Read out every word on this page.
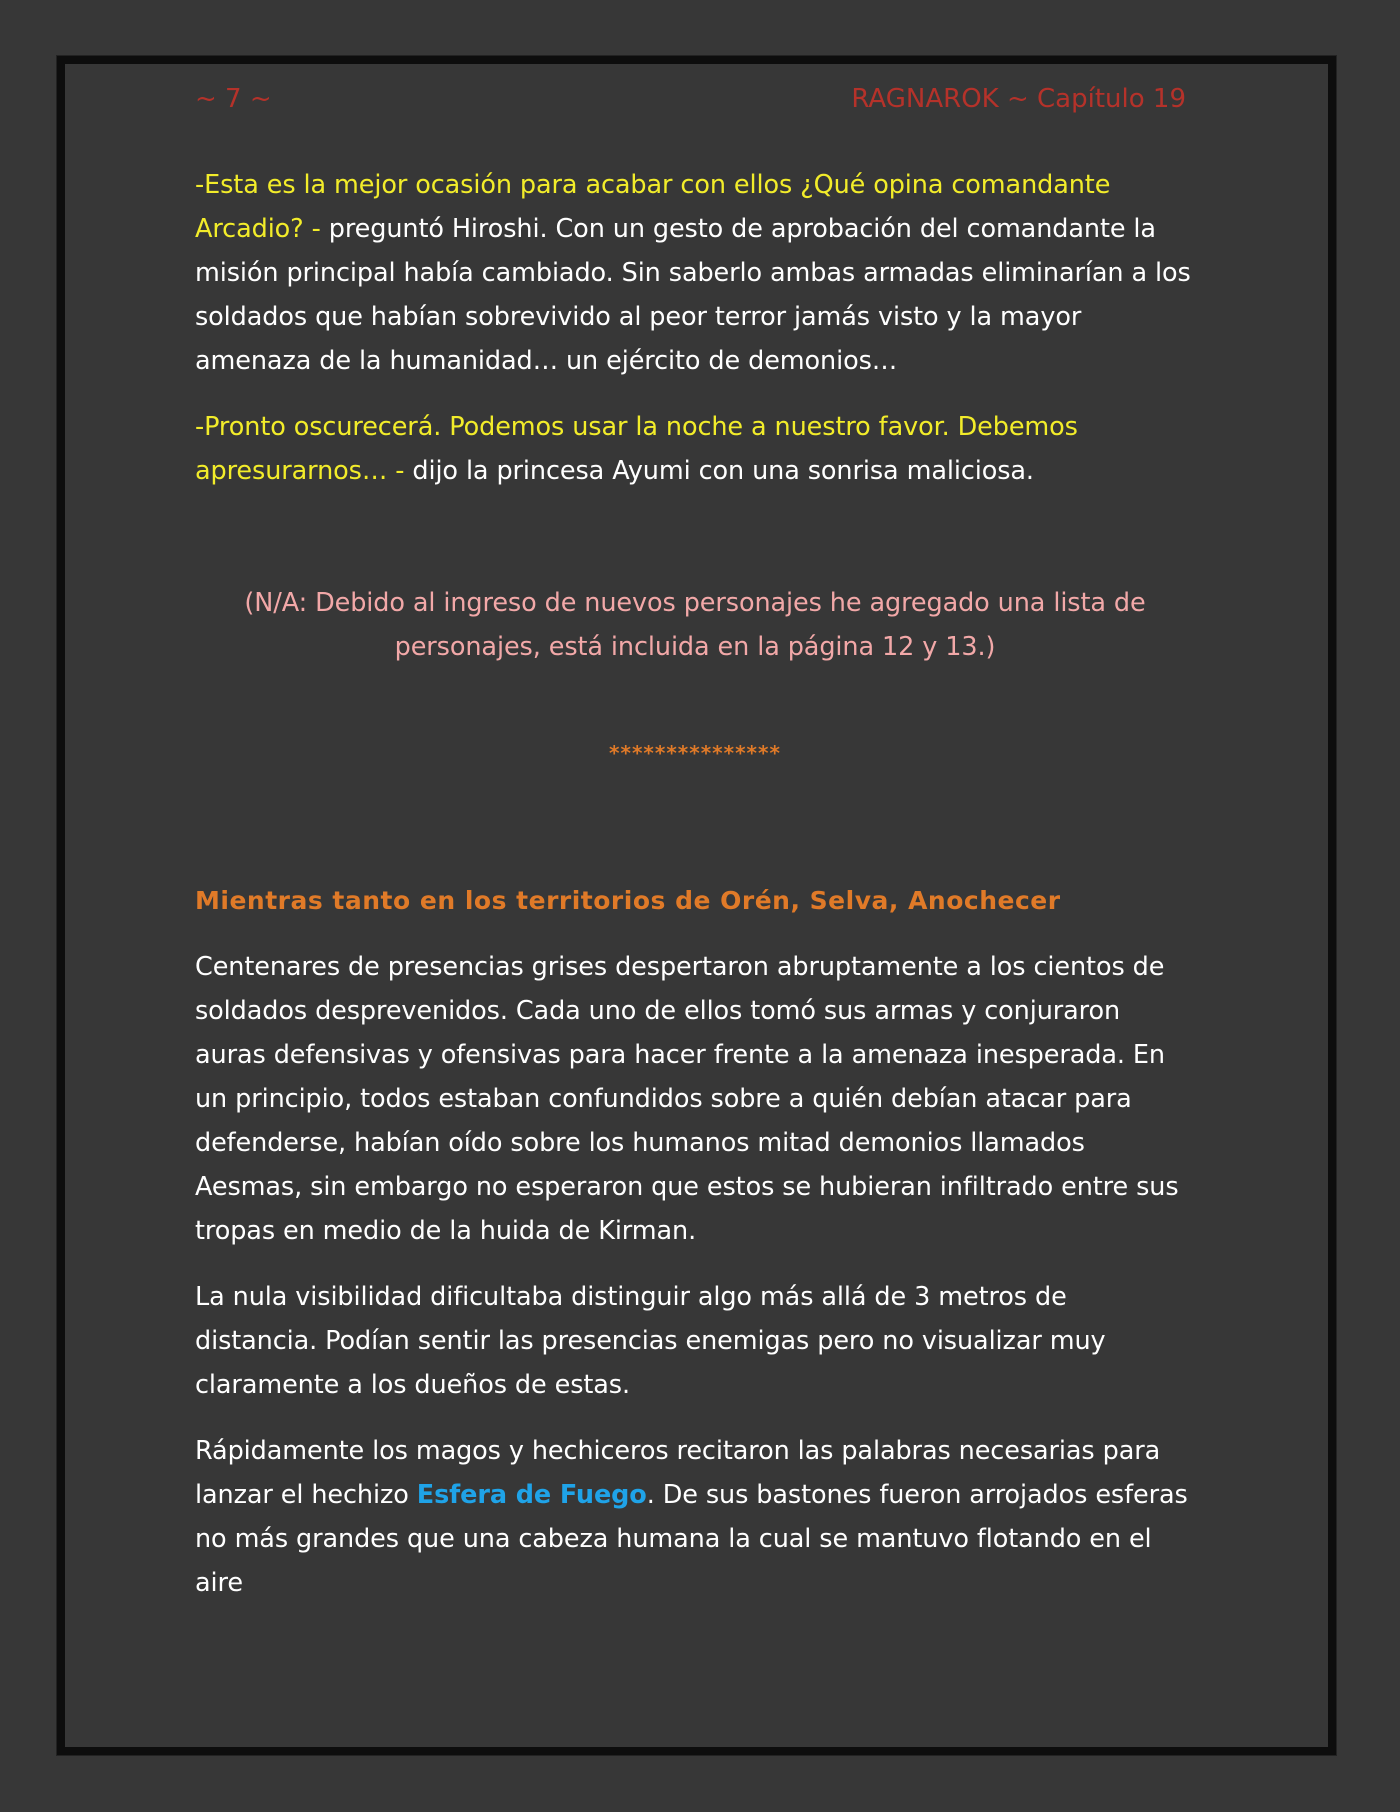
~ 7 ~	RAGNAROK ~ Capítulo 19

-Esta es la mejor ocasión para acabar con ellos ¿Qué opina comandante Arcadio? - preguntó Hiroshi. Con un gesto de aprobación del comandante la misión principal había cambiado. Sin saberlo ambas armadas eliminarían a los soldados que habían sobrevivido al peor terror jamás visto y la mayor amenaza de la humanidad… un ejército de demonios…

-Pronto oscurecerá. Podemos usar la noche a nuestro favor. Debemos apresurarnos… - dijo la princesa Ayumi con una sonrisa maliciosa.

(N/A: Debido al ingreso de nuevos personajes he agregado una lista de personajes, está incluida en la página 12 y 13.)

***************

Mientras tanto en los territorios de Orén, Selva, Anochecer

Centenares de presencias grises despertaron abruptamente a los cientos de soldados desprevenidos. Cada uno de ellos tomó sus armas y conjuraron auras defensivas y ofensivas para hacer frente a la amenaza inesperada. En un principio, todos estaban confundidos sobre a quién debían atacar para defenderse, habían oído sobre los humanos mitad demonios llamados Aesmas, sin embargo no esperaron que estos se hubieran infiltrado entre sus tropas en medio de la huida de Kirman.

La nula visibilidad dificultaba distinguir algo más allá de 3 metros de distancia. Podían sentir las presencias enemigas pero no visualizar muy claramente a los dueños de estas.

Rápidamente los magos y hechiceros recitaron las palabras necesarias para lanzar el hechizo Esfera de Fuego. De sus bastones fueron arrojados esferas no más grandes que una cabeza humana la cual se mantuvo flotando en el aire
